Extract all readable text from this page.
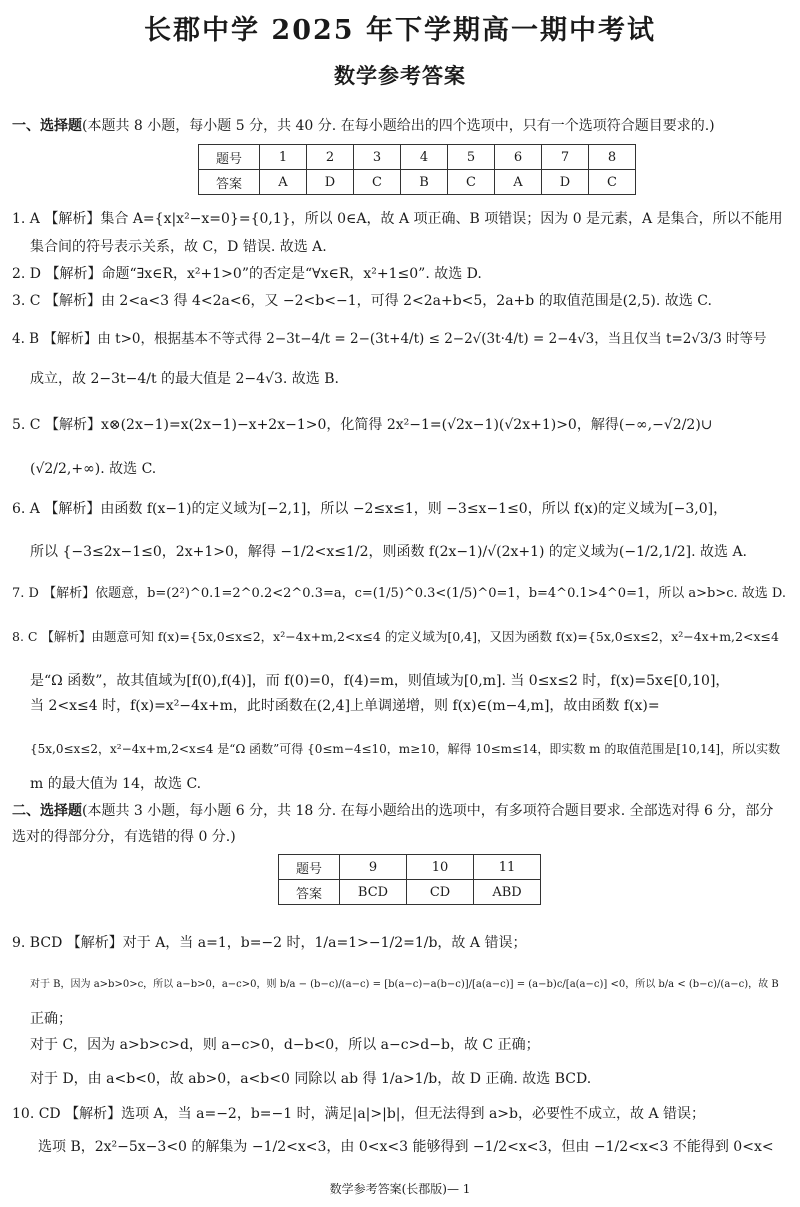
长郡中学 2025 年下学期高一期中考试
数学参考答案
一、选择题(本题共 8 小题，每小题 5 分，共 40 分. 在每小题给出的四个选项中，只有一个选项符合题目要求的.)
题号	1	2	3	4	5	6	7	8
答案	A	D	C	B	C	A	D	C
1. A 【解析】集合 A={x|x²−x=0}={0,1}，所以 0∈A，故 A 项正确、B 项错误；因为 0 是元素，A 是集合，所以不能用
集合间的符号表示关系，故 C，D 错误. 故选 A.
2. D 【解析】命题“∃x∈R，x²+1>0”的否定是“∀x∈R，x²+1≤0”. 故选 D.
3. C 【解析】由 2<a<3 得 4<2a<6，又 −2<b<−1，可得 2<2a+b<5，2a+b 的取值范围是(2,5). 故选 C.
4. B 【解析】由 t>0，根据基本不等式得 2−3t−4/t = 2−(3t+4/t) ≤ 2−2√(3t·4/t) = 2−4√3，当且仅当 t=2√3/3 时等号
成立，故 2−3t−4/t 的最大值是 2−4√3. 故选 B.
5. C 【解析】x⊗(2x−1)=x(2x−1)−x+2x−1>0，化简得 2x²−1=(√2x−1)(√2x+1)>0，解得(−∞,−√2/2)∪
(√2/2,+∞). 故选 C.
6. A 【解析】由函数 f(x−1)的定义域为[−2,1]，所以 −2≤x≤1，则 −3≤x−1≤0，所以 f(x)的定义域为[−3,0]，
所以 {−3≤2x−1≤0，2x+1>0，解得 −1/2<x≤1/2，则函数 f(2x−1)/√(2x+1) 的定义域为(−1/2,1/2]. 故选 A.
7. D 【解析】依题意，b=(2²)^0.1=2^0.2<2^0.3=a，c=(1/5)^0.3<(1/5)^0=1，b=4^0.1>4^0=1，所以 a>b>c. 故选 D.
8. C 【解析】由题意可知 f(x)={5x,0≤x≤2，x²−4x+m,2<x≤4 的定义域为[0,4]，又因为函数 f(x)={5x,0≤x≤2，x²−4x+m,2<x≤4
是“Ω 函数”，故其值域为[f(0),f(4)]，而 f(0)=0，f(4)=m，则值域为[0,m]. 当 0≤x≤2 时，f(x)=5x∈[0,10]，
当 2<x≤4 时，f(x)=x²−4x+m，此时函数在(2,4]上单调递增，则 f(x)∈(m−4,m]，故由函数 f(x)=
{5x,0≤x≤2，x²−4x+m,2<x≤4 是“Ω 函数”可得 {0≤m−4≤10，m≥10，解得 10≤m≤14，即实数 m 的取值范围是[10,14]，所以实数
m 的最大值为 14，故选 C.
二、选择题(本题共 3 小题，每小题 6 分，共 18 分. 在每小题给出的选项中，有多项符合题目要求. 全部选对得 6 分，部分
选对的得部分分，有选错的得 0 分.)
题号	9	10	11
答案	BCD	CD	ABD
9. BCD 【解析】对于 A，当 a=1，b=−2 时，1/a=1>−1/2=1/b，故 A 错误；
对于 B，因为 a>b>0>c，所以 a−b>0，a−c>0，则 b/a − (b−c)/(a−c) = [b(a−c)−a(b−c)]/[a(a−c)] = (a−b)c/[a(a−c)] <0，所以 b/a < (b−c)/(a−c)，故 B
正确；
对于 C，因为 a>b>c>d，则 a−c>0，d−b<0，所以 a−c>d−b，故 C 正确；
对于 D，由 a<b<0，故 ab>0，a<b<0 同除以 ab 得 1/a>1/b，故 D 正确. 故选 BCD.
10. CD 【解析】选项 A，当 a=−2，b=−1 时，满足|a|>|b|，但无法得到 a>b，必要性不成立，故 A 错误；
选项 B，2x²−5x−3<0 的解集为 −1/2<x<3，由 0<x<3 能够得到 −1/2<x<3，但由 −1/2<x<3 不能得到 0<x<
数学参考答案(长郡版)— 1
